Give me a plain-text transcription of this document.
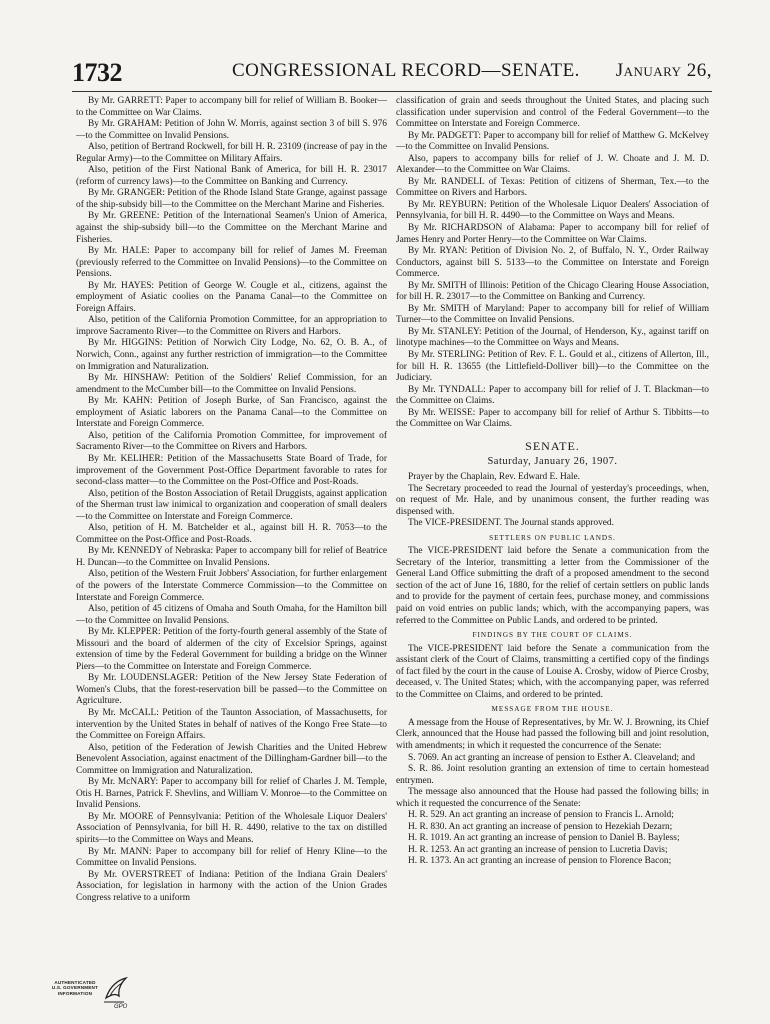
1732	CONGRESSIONAL RECORD—SENATE. January 26,

By Mr. GARRETT: Paper to accompany bill for relief of William B. Booker—to the Committee on War Claims.

By Mr. GRAHAM: Petition of John W. Morris, against section 3 of bill S. 976—to the Committee on Invalid Pensions.

Also, petition of Bertrand Rockwell, for bill H. R. 23109 (increase of pay in the Regular Army)—to the Committee on Military Affairs.

Also, petition of the First National Bank of America, for bill H. R. 23017 (reform of currency laws)—to the Committee on Banking and Currency.

By Mr. GRANGER: Petition of the Rhode Island State Grange, against passage of the ship-subsidy bill—to the Committee on the Merchant Marine and Fisheries.

By Mr. GREENE: Petition of the International Seamen's Union of America, against the ship-subsidy bill—to the Committee on the Merchant Marine and Fisheries.

By Mr. HALE: Paper to accompany bill for relief of James M. Freeman (previously referred to the Committee on Invalid Pensions)—to the Committee on Pensions.

By Mr. HAYES: Petition of George W. Cougle et al., citizens, against the employment of Asiatic coolies on the Panama Canal—to the Committee on Foreign Affairs.

Also, petition of the California Promotion Committee, for an appropriation to improve Sacramento River—to the Committee on Rivers and Harbors.

By Mr. HIGGINS: Petition of Norwich City Lodge, No. 62, O. B. A., of Norwich, Conn., against any further restriction of immigration—to the Committee on Immigration and Naturalization.

By Mr. HINSHAW: Petition of the Soldiers' Relief Commission, for an amendment to the McCumber bill—to the Committee on Invalid Pensions.

By Mr. KAHN: Petition of Joseph Burke, of San Francisco, against the employment of Asiatic laborers on the Panama Canal—to the Committee on Interstate and Foreign Commerce.

Also, petition of the California Promotion Committee, for improvement of Sacramento River—to the Committee on Rivers and Harbors.

By Mr. KELIHER: Petition of the Massachusetts State Board of Trade, for improvement of the Government Post-Office Department favorable to rates for second-class matter—to the Committee on the Post-Office and Post-Roads.

Also, petition of the Boston Association of Retail Druggists, against application of the Sherman trust law inimical to organization and cooperation of small dealers—to the Committee on Interstate and Foreign Commerce.

Also, petition of H. M. Batchelder et al., against bill H. R. 7053—to the Committee on the Post-Office and Post-Roads.

By Mr. KENNEDY of Nebraska: Paper to accompany bill for relief of Beatrice H. Duncan—to the Committee on Invalid Pensions.

Also, petition of the Western Fruit Jobbers' Association, for further enlargement of the powers of the Interstate Commerce Commission—to the Committee on Interstate and Foreign Commerce.

Also, petition of 45 citizens of Omaha and South Omaha, for the Hamilton bill—to the Committee on Invalid Pensions.

By Mr. KLEPPER: Petition of the forty-fourth general assembly of the State of Missouri and the board of aldermen of the city of Excelsior Springs, against extension of time by the Federal Government for building a bridge on the Winner Piers—to the Committee on Interstate and Foreign Commerce.

By Mr. LOUDENSLAGER: Petition of the New Jersey State Federation of Women's Clubs, that the forest-reservation bill be passed—to the Committee on Agriculture.

By Mr. McCALL: Petition of the Taunton Association, of Massachusetts, for intervention by the United States in behalf of natives of the Kongo Free State—to the Committee on Foreign Affairs.

Also, petition of the Federation of Jewish Charities and the United Hebrew Benevolent Association, against enactment of the Dillingham-Gardner bill—to the Committee on Immigration and Naturalization.

By Mr. McNARY: Paper to accompany bill for relief of Charles J. M. Temple, Otis H. Barnes, Patrick F. Shevlins, and William V. Monroe—to the Committee on Invalid Pensions.

By Mr. MOORE of Pennsylvania: Petition of the Wholesale Liquor Dealers' Association of Pennsylvania, for bill H. R. 4490, relative to the tax on distilled spirits—to the Committee on Ways and Means.

By Mr. MANN: Paper to accompany bill for relief of Henry Kline—to the Committee on Invalid Pensions.

By Mr. OVERSTREET of Indiana: Petition of the Indiana Grain Dealers' Association, for legislation in harmony with the action of the Union Grades Congress relative to a uniform

classification of grain and seeds throughout the United States, and placing such classification under supervision and control of the Federal Government—to the Committee on Interstate and Foreign Commerce.

By Mr. PADGETT: Paper to accompany bill for relief of Matthew G. McKelvey—to the Committee on Invalid Pensions.

Also, papers to accompany bills for relief of J. W. Choate and J. M. D. Alexander—to the Committee on War Claims.

By Mr. RANDELL of Texas: Petition of citizens of Sherman, Tex.—to the Committee on Rivers and Harbors.

By Mr. REYBURN: Petition of the Wholesale Liquor Dealers' Association of Pennsylvania, for bill H. R. 4490—to the Committee on Ways and Means.

By Mr. RICHARDSON of Alabama: Paper to accompany bill for relief of James Henry and Porter Henry—to the Committee on War Claims.

By Mr. RYAN: Petition of Division No. 2, of Buffalo, N. Y., Order Railway Conductors, against bill S. 5133—to the Committee on Interstate and Foreign Commerce.

By Mr. SMITH of Illinois: Petition of the Chicago Clearing House Association, for bill H. R. 23017—to the Committee on Banking and Currency.

By Mr. SMITH of Maryland: Paper to accompany bill for relief of William Turner—to the Committee on Invalid Pensions.

By Mr. STANLEY: Petition of the Journal, of Henderson, Ky., against tariff on linotype machines—to the Committee on Ways and Means.

By Mr. STERLING: Petition of Rev. F. L. Gould et al., citizens of Allerton, Ill., for bill H. R. 13655 (the Littlefield-Dolliver bill)—to the Committee on the Judiciary.

By Mr. TYNDALL: Paper to accompany bill for relief of J. T. Blackman—to the Committee on Claims.

By Mr. WEISSE: Paper to accompany bill for relief of Arthur S. Tibbitts—to the Committee on War Claims.

SENATE.

Saturday, January 26, 1907.

Prayer by the Chaplain, Rev. Edward E. Hale.

The Secretary proceeded to read the Journal of yesterday's proceedings, when, on request of Mr. Hale, and by unanimous consent, the further reading was dispensed with.

The VICE-PRESIDENT. The Journal stands approved.

SETTLERS ON PUBLIC LANDS.

The VICE-PRESIDENT laid before the Senate a communication from the Secretary of the Interior, transmitting a letter from the Commissioner of the General Land Office submitting the draft of a proposed amendment to the second section of the act of June 16, 1880, for the relief of certain settlers on public lands and to provide for the payment of certain fees, purchase money, and commissions paid on void entries on public lands; which, with the accompanying papers, was referred to the Committee on Public Lands, and ordered to be printed.

FINDINGS BY THE COURT OF CLAIMS.

The VICE-PRESIDENT laid before the Senate a communication from the assistant clerk of the Court of Claims, transmitting a certified copy of the findings of fact filed by the court in the cause of Louise A. Crosby, widow of Pierce Crosby, deceased, v. The United States; which, with the accompanying paper, was referred to the Committee on Claims, and ordered to be printed.

MESSAGE FROM THE HOUSE.

A message from the House of Representatives, by Mr. W. J. Browning, its Chief Clerk, announced that the House had passed the following bill and joint resolution, with amendments; in which it requested the concurrence of the Senate:

S. 7069. An act granting an increase of pension to Esther A. Cleaveland; and

S. R. 86. Joint resolution granting an extension of time to certain homestead entrymen.

The message also announced that the House had passed the following bills; in which it requested the concurrence of the Senate:

H. R. 529. An act granting an increase of pension to Francis L. Arnold;

H. R. 830. An act granting an increase of pension to Hezekiah Dezarn;

H. R. 1019. An act granting an increase of pension to Daniel B. Bayless;

H. R. 1253. An act granting an increase of pension to Lucretia Davis;

H. R. 1373. An act granting an increase of pension to Florence Bacon;

AUTHENTICATED
U.S. GOVERNMENT
INFORMATION
GPO
